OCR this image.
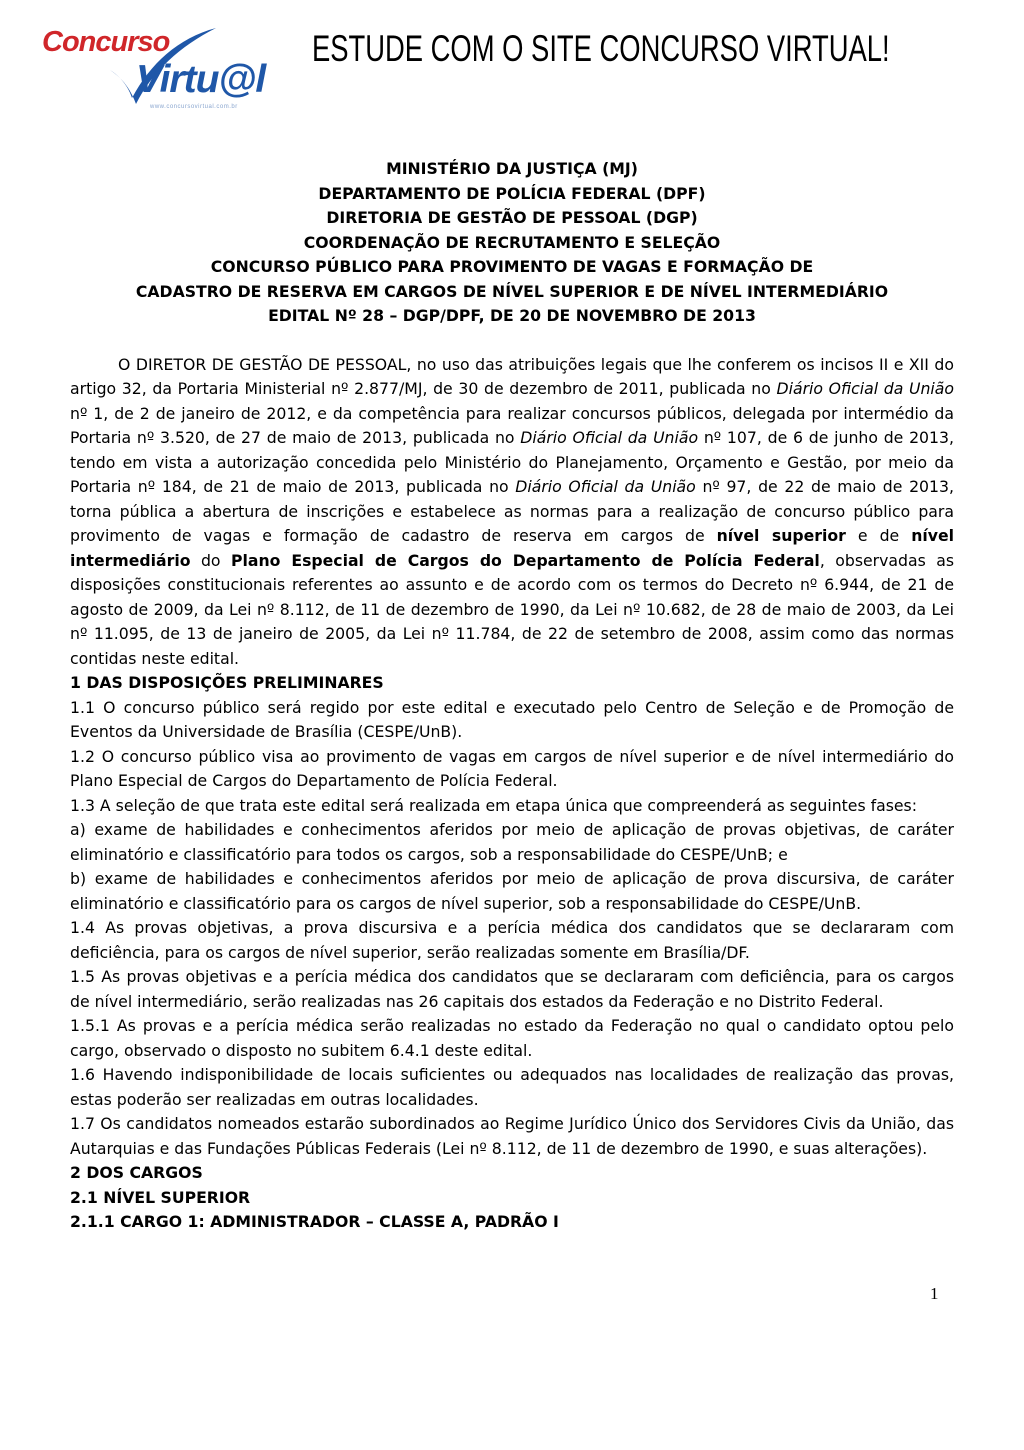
Concurso
Virtu@l
www.concursovirtual.com.br
ESTUDE COM O SITE CONCURSO VIRTUAL!

MINISTÉRIO DA JUSTIÇA (MJ)

DEPARTAMENTO DE POLÍCIA FEDERAL (DPF)

DIRETORIA DE GESTÃO DE PESSOAL (DGP)

COORDENAÇÃO DE RECRUTAMENTO E SELEÇÃO

CONCURSO PÚBLICO PARA PROVIMENTO DE VAGAS E FORMAÇÃO DE

CADASTRO DE RESERVA EM CARGOS DE NÍVEL SUPERIOR E DE NÍVEL INTERMEDIÁRIO

EDITAL Nº 28 – DGP/DPF, DE 20 DE NOVEMBRO DE 2013

O DIRETOR DE GESTÃO DE PESSOAL, no uso das atribuições legais que lhe conferem os incisos II e XII do artigo 32, da Portaria Ministerial nº 2.877/MJ, de 30 de dezembro de 2011, publicada no Diário Oficial da União nº 1, de 2 de janeiro de 2012, e da competência para realizar concursos públicos, delegada por intermédio da Portaria nº 3.520, de 27 de maio de 2013, publicada no Diário Oficial da União nº 107, de 6 de junho de 2013, tendo em vista a autorização concedida pelo Ministério do Planejamento, Orçamento e Gestão, por meio da Portaria nº 184, de 21 de maio de 2013, publicada no Diário Oficial da União nº 97, de 22 de maio de 2013, torna pública a abertura de inscrições e estabelece as normas para a realização de concurso público para provimento de vagas e formação de cadastro de reserva em cargos de nível superior e de nível intermediário do Plano Especial de Cargos do Departamento de Polícia Federal, observadas as disposições constitucionais referentes ao assunto e de acordo com os termos do Decreto nº 6.944, de 21 de agosto de 2009, da Lei nº 8.112, de 11 de dezembro de 1990, da Lei nº 10.682, de 28 de maio de 2003, da Lei nº 11.095, de 13 de janeiro de 2005, da Lei nº 11.784, de 22 de setembro de 2008, assim como das normas contidas neste edital.

1 DAS DISPOSIÇÕES PRELIMINARES

1.1 O concurso público será regido por este edital e executado pelo Centro de Seleção e de Promoção de Eventos da Universidade de Brasília (CESPE/UnB).

1.2 O concurso público visa ao provimento de vagas em cargos de nível superior e de nível intermediário do Plano Especial de Cargos do Departamento de Polícia Federal.

1.3 A seleção de que trata este edital será realizada em etapa única que compreenderá as seguintes fases:

a) exame de habilidades e conhecimentos aferidos por meio de aplicação de provas objetivas, de caráter eliminatório e classificatório para todos os cargos, sob a responsabilidade do CESPE/UnB; e

b) exame de habilidades e conhecimentos aferidos por meio de aplicação de prova discursiva, de caráter eliminatório e classificatório para os cargos de nível superior, sob a responsabilidade do CESPE/UnB.

1.4 As provas objetivas, a prova discursiva e a perícia médica dos candidatos que se declararam com deficiência, para os cargos de nível superior, serão realizadas somente em Brasília/DF.

1.5 As provas objetivas e a perícia médica dos candidatos que se declararam com deficiência, para os cargos de nível intermediário, serão realizadas nas 26 capitais dos estados da Federação e no Distrito Federal.

1.5.1 As provas e a perícia médica serão realizadas no estado da Federação no qual o candidato optou pelo cargo, observado o disposto no subitem 6.4.1 deste edital.

1.6 Havendo indisponibilidade de locais suficientes ou adequados nas localidades de realização das provas, estas poderão ser realizadas em outras localidades.

1.7 Os candidatos nomeados estarão subordinados ao Regime Jurídico Único dos Servidores Civis da União, das Autarquias e das Fundações Públicas Federais (Lei nº 8.112, de 11 de dezembro de 1990, e suas alterações).

2 DOS CARGOS

2.1 NÍVEL SUPERIOR

2.1.1 CARGO 1: ADMINISTRADOR – CLASSE A, PADRÃO I

1
